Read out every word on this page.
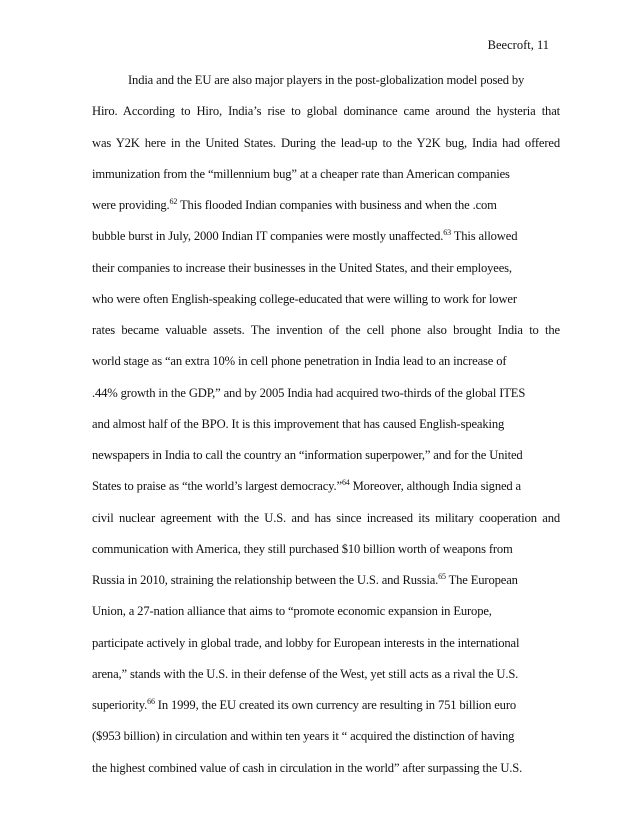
Beecroft, 11
India and the EU are also major players in the post-globalization model posed by
Hiro. According to Hiro, India’s rise to global dominance came around the hysteria that
was Y2K here in the United States. During the lead-up to the Y2K bug, India had offered
immunization from the “millennium bug” at a cheaper rate than American companies
were providing.$^{62}$ This flooded Indian companies with business and when the .com
bubble burst in July, 2000 Indian IT companies were mostly unaffected.$^{63}$ This allowed
their companies to increase their businesses in the United States, and their employees,
who were often English-speaking college-educated that were willing to work for lower
rates became valuable assets. The invention of the cell phone also brought India to the
world stage as “an extra 10% in cell phone penetration in India lead to an increase of
.44% growth in the GDP,” and by 2005 India had acquired two-thirds of the global ITES
and almost half of the BPO. It is this improvement that has caused English-speaking
newspapers in India to call the country an “information superpower,” and for the United
States to praise as “the world’s largest democracy.”$^{64}$ Moreover, although India signed a
civil nuclear agreement with the U.S. and has since increased its military cooperation and
communication with America, they still purchased $10 billion worth of weapons from
Russia in 2010, straining the relationship between the U.S. and Russia.$^{65}$ The European
Union, a 27-nation alliance that aims to “promote economic expansion in Europe,
participate actively in global trade, and lobby for European interests in the international
arena,” stands with the U.S. in their defense of the West, yet still acts as a rival the U.S.
superiority.$^{66}$ In 1999, the EU created its own currency are resulting in 751 billion euro
($953 billion) in circulation and within ten years it “ acquired the distinction of having
the highest combined value of cash in circulation in the world” after surpassing the U.S.
